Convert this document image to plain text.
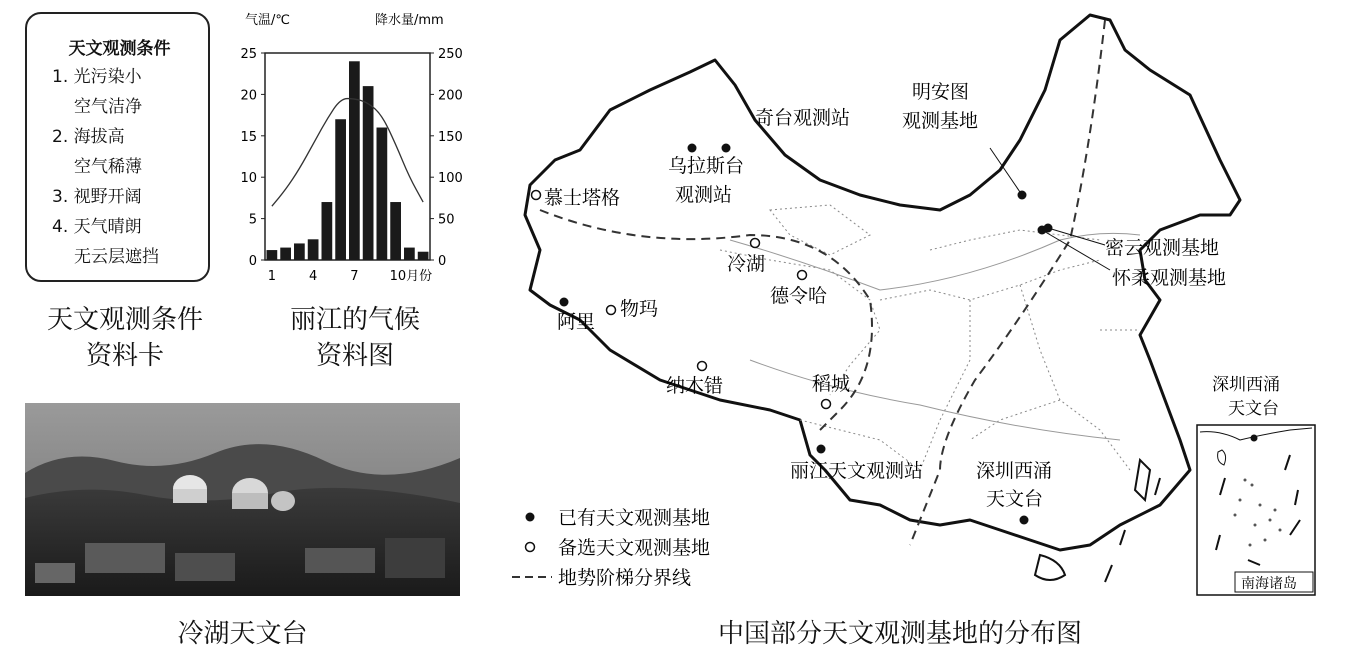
天文观测条件
1. 光污染小
空气洁净
2. 海拔高
空气稀薄
3. 视野开阔
4. 天气晴朗
无云层遮挡
天文观测条件
资料卡
气温/℃	降水量/mm
0
5
10
15
20
25
0
50
100
150
200
250
1	4	7 10月份
丽江的气候
资料图
冷湖天文台
奇台观测站
乌拉斯台
观测站
慕士塔格
冷湖
德令哈
阿里
物玛
纳木错	稻城
丽江天文观测站	深圳西涌
天文台
明安图
观测基地
密云观测基地
怀柔观测基地
已有天文观测基地
备选天文观测基地
地势阶梯分界线
深圳西涌
天文台
南海诸岛
中国部分天文观测基地的分布图
